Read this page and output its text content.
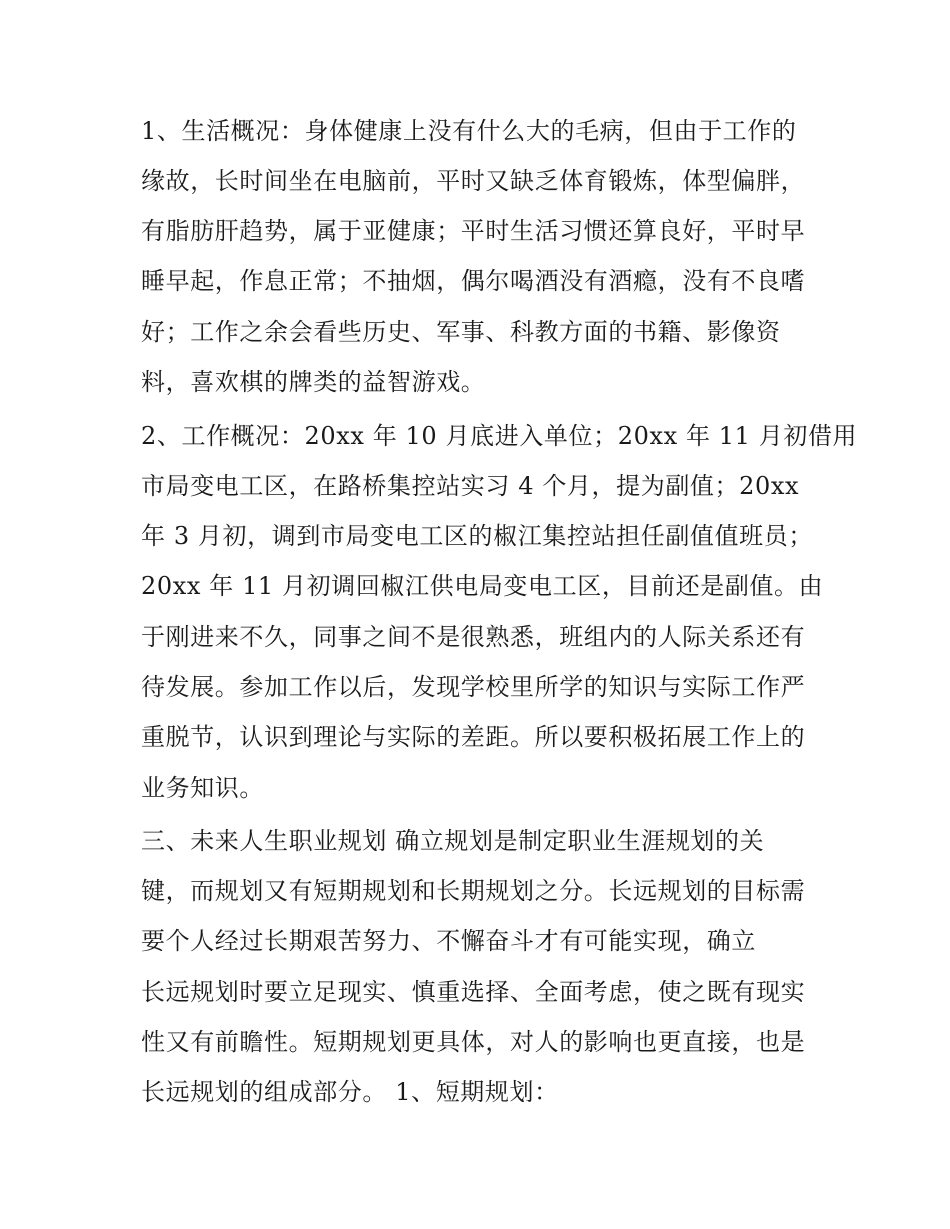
1、生活概况：身体健康上没有什么大的毛病，但由于工作的
缘故，长时间坐在电脑前，平时又缺乏体育锻炼，体型偏胖，
有脂肪肝趋势，属于亚健康；平时生活习惯还算良好，平时早
睡早起，作息正常；不抽烟，偶尔喝酒没有酒瘾，没有不良嗜
好；工作之余会看些历史、军事、科教方面的书籍、影像资
料，喜欢棋的牌类的益智游戏。
2、工作概况：20xx 年 10 月底进入单位；20xx 年 11 月初借用
市局变电工区，在路桥集控站实习 4 个月，提为副值；20xx
年 3 月初，调到市局变电工区的椒江集控站担任副值值班员；
20xx 年 11 月初调回椒江供电局变电工区，目前还是副值。由
于刚进来不久，同事之间不是很熟悉，班组内的人际关系还有
待发展。参加工作以后，发现学校里所学的知识与实际工作严
重脱节，认识到理论与实际的差距。所以要积极拓展工作上的
业务知识。
三、未来人生职业规划 确立规划是制定职业生涯规划的关
键，而规划又有短期规划和长期规划之分。长远规划的目标需
要个人经过长期艰苦努力、不懈奋斗才有可能实现，确立
长远规划时要立足现实、慎重选择、全面考虑，使之既有现实
性又有前瞻性。短期规划更具体，对人的影响也更直接，也是
长远规划的组成部分。 1、短期规划：
